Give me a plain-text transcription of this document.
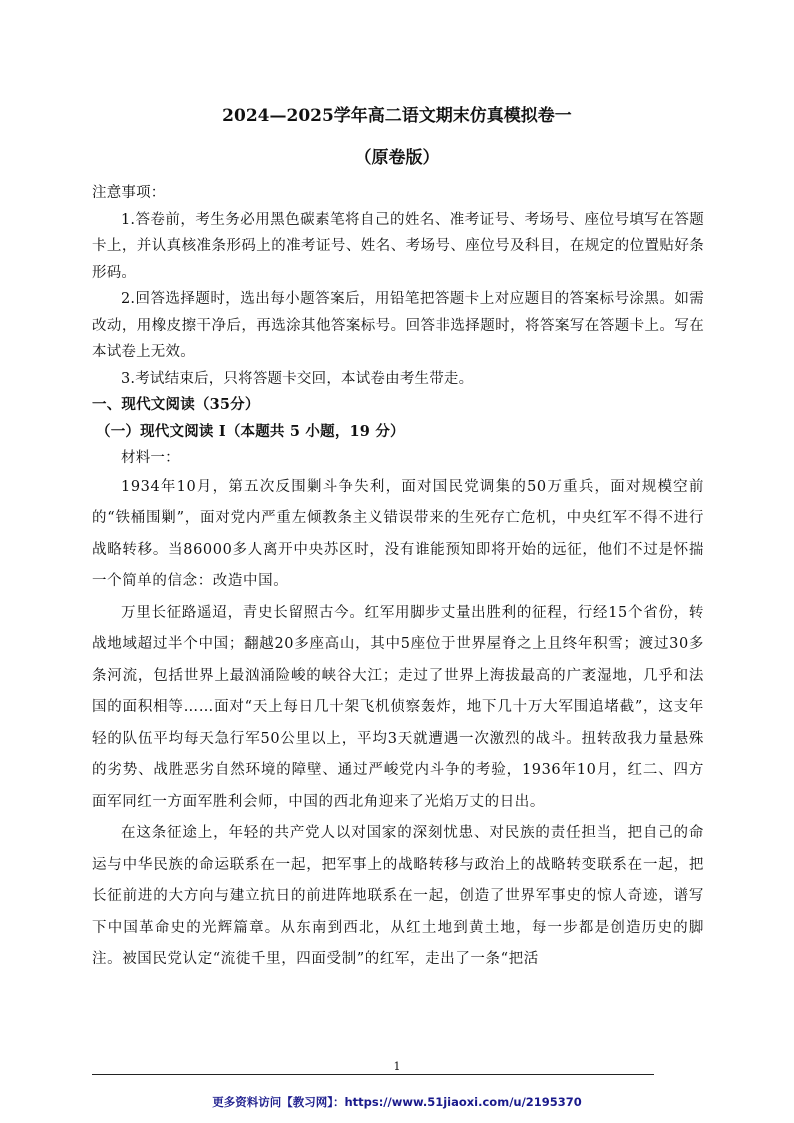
2024—2025学年高二语文期末仿真模拟卷一
（原卷版）

注意事项：

1.答卷前，考生务必用黑色碳素笔将自己的姓名、准考证号、考场号、座位号填写在答题卡上，并认真核准条形码上的准考证号、姓名、考场号、座位号及科目，在规定的位置贴好条形码。

2.回答选择题时，选出每小题答案后，用铅笔把答题卡上对应题目的答案标号涂黑。如需改动，用橡皮擦干净后，再选涂其他答案标号。回答非选择题时，将答案写在答题卡上。写在本试卷上无效。

3.考试结束后，只将答题卡交回，本试卷由考生带走。

一、现代文阅读（35分）

（一）现代文阅读 I（本题共 5 小题，19 分）

材料一：

1934年10月，第五次反围剿斗争失利，面对国民党调集的50万重兵，面对规模空前的“铁桶围剿”，面对党内严重左倾教条主义错误带来的生死存亡危机，中央红军不得不进行战略转移。当86000多人离开中央苏区时，没有谁能预知即将开始的远征，他们不过是怀揣一个简单的信念：改造中国。

万里长征路遥迢，青史长留照古今。红军用脚步丈量出胜利的征程，行经15个省份，转战地域超过半个中国；翻越20多座高山，其中5座位于世界屋脊之上且终年积雪；渡过30多条河流，包括世界上最汹涌险峻的峡谷大江；走过了世界上海拔最高的广袤湿地，几乎和法国的面积相等……面对“天上每日几十架飞机侦察轰炸，地下几十万大军围追堵截”，这支年轻的队伍平均每天急行军50公里以上，平均3天就遭遇一次激烈的战斗。扭转敌我力量悬殊的劣势、战胜恶劣自然环境的障壁、通过严峻党内斗争的考验，1936年10月，红二、四方面军同红一方面军胜利会师，中国的西北角迎来了光焰万丈的日出。

在这条征途上，年轻的共产党人以对国家的深刻忧患、对民族的责任担当，把自己的命运与中华民族的命运联系在一起，把军事上的战略转移与政治上的战略转变联系在一起，把长征前进的大方向与建立抗日的前进阵地联系在一起，创造了世界军事史的惊人奇迹，谱写下中国革命史的光辉篇章。从东南到西北，从红土地到黄土地，每一步都是创造历史的脚注。被国民党认定“流徙千里，四面受制”的红军，走出了一条“把活

1
更多资料访问【教习网】：https://www.51jiaoxi.com/u/2195370
